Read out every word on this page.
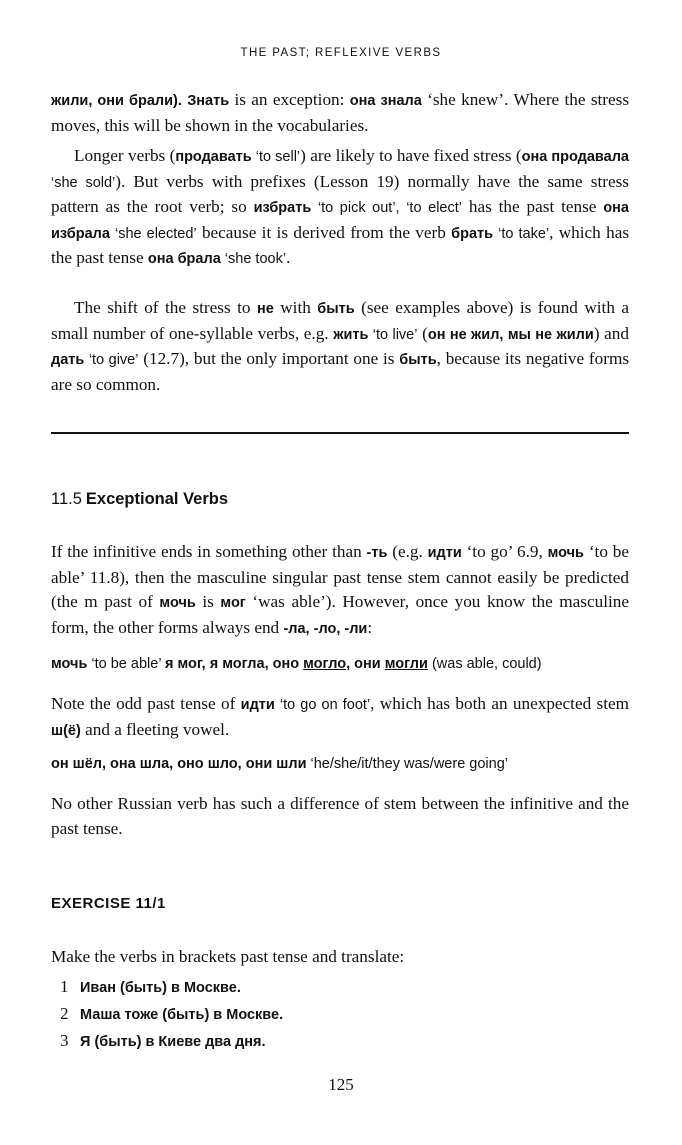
THE PAST; REFLEXIVE VERBS

жили, они брали). Знать is an exception: она знала ‘she knew’. Where the stress moves, this will be shown in the vocabularies.

Longer verbs (продавать ‘to sell’) are likely to have fixed stress (она продавала ‘she sold’). But verbs with prefixes (Lesson 19) normally have the same stress pattern as the root verb; so избрать ‘to pick out’, ‘to elect’ has the past tense она избрала ‘she elected’ because it is derived from the verb брать ‘to take’, which has the past tense она брала ‘she took’.

The shift of the stress to не with быть (see examples above) is found with a small number of one-syllable verbs, e.g. жить ‘to live’ (он не жил, мы не жили) and дать ‘to give’ (12.7), but the only important one is быть, because its negative forms are so common.

11.5 Exceptional Verbs

If the infinitive ends in something other than -ть (e.g. идти ‘to go’ 6.9, мочь ‘to be able’ 11.8), then the masculine singular past tense stem cannot easily be predicted (the m past of мочь is мог ‘was able’). However, once you know the masculine form, the other forms always end -ла, -ло, -ли:

мочь ‘to be able’ я мог, я могла, оно могло, они могли (was able, could)

Note the odd past tense of идти ‘to go on foot’, which has both an unexpected stem ш(ё) and a fleeting vowel.

он шёл, она шла, оно шло, они шли ‘he/she/it/they was/were going’

No other Russian verb has such a difference of stem between the infinitive and the past tense.

EXERCISE 11/1

Make the verbs in brackets past tense and translate:

1 Иван (быть) в Москве.
2 Маша тоже (быть) в Москве.
3 Я (быть) в Киеве два дня.
125
